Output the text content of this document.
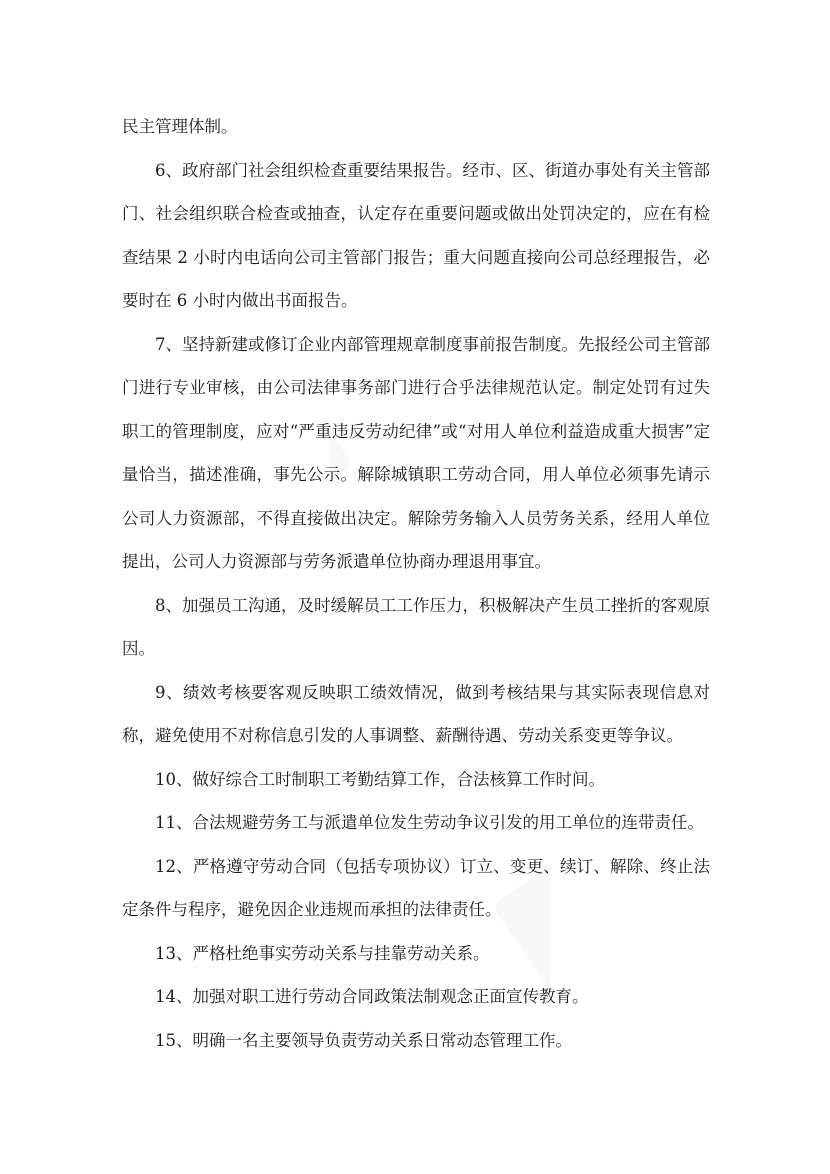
民主管理体制。

6、政府部门社会组织检查重要结果报告。经市、区、街道办事处有关主管部门、社会组织联合检查或抽查，认定存在重要问题或做出处罚决定的，应在有检查结果 2 小时内电话向公司主管部门报告；重大问题直接向公司总经理报告，必要时在 6 小时内做出书面报告。

7、坚持新建或修订企业内部管理规章制度事前报告制度。先报经公司主管部门进行专业审核，由公司法律事务部门进行合乎法律规范认定。制定处罚有过失职工的管理制度，应对“严重违反劳动纪律”或“对用人单位利益造成重大损害”定量恰当，描述准确，事先公示。解除城镇职工劳动合同，用人单位必须事先请示公司人力资源部，不得直接做出决定。解除劳务输入人员劳务关系，经用人单位提出，公司人力资源部与劳务派遣单位协商办理退用事宜。

8、加强员工沟通，及时缓解员工工作压力，积极解决产生员工挫折的客观原因。

9、绩效考核要客观反映职工绩效情况，做到考核结果与其实际表现信息对称，避免使用不对称信息引发的人事调整、薪酬待遇、劳动关系变更等争议。

10、做好综合工时制职工考勤结算工作，合法核算工作时间。

11、合法规避劳务工与派遣单位发生劳动争议引发的用工单位的连带责任。

12、严格遵守劳动合同（包括专项协议）订立、变更、续订、解除、终止法定条件与程序，避免因企业违规而承担的法律责任。

13、严格杜绝事实劳动关系与挂靠劳动关系。

14、加强对职工进行劳动合同政策法制观念正面宣传教育。

15、明确一名主要领导负责劳动关系日常动态管理工作。
